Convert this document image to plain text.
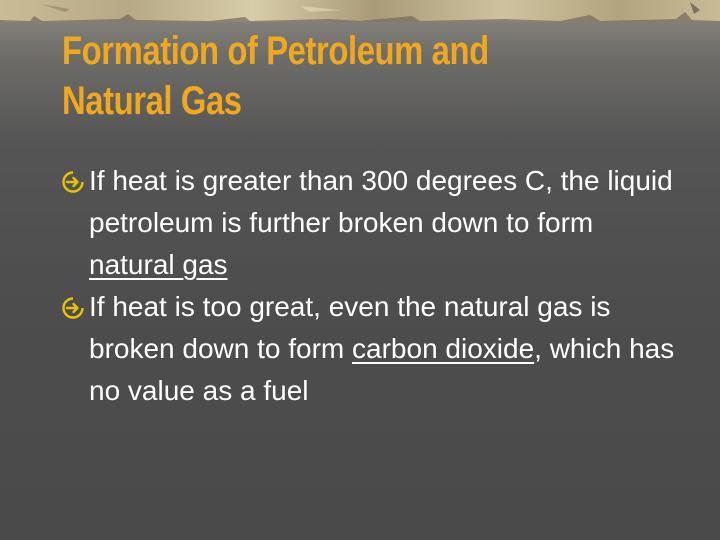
Formation of Petroleum and
Natural Gas
If heat is greater than 300 degrees C, the liquid petroleum is further broken down to form natural gas
If heat is too great, even the natural gas is broken down to form carbon dioxide, which has no value as a fuel
